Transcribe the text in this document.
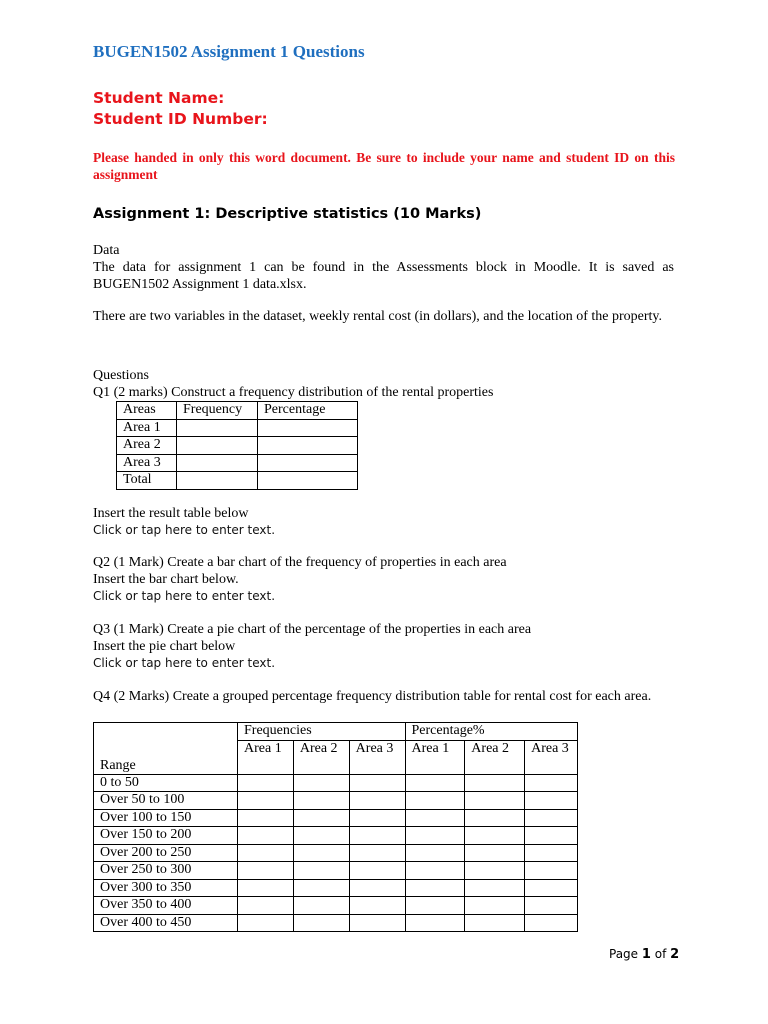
BUGEN1502 Assignment 1 Questions
Student Name:
Student ID Number:
Please handed in only this word document. Be sure to include your name and student ID on this assignment
Assignment 1: Descriptive statistics (10 Marks)

Data

The data for assignment 1 can be found in the Assessments block in Moodle. It is saved as BUGEN1502 Assignment 1 data.xlsx.

There are two variables in the dataset, weekly rental cost (in dollars), and the location of the property.

Questions

Q1 (2 marks) Construct a frequency distribution of the rental properties

Areas	Frequency	Percentage
Area 1		
Area 2		
Area 3		
Total		
Insert the result table below
Click or tap here to enter text.

Q2 (1 Mark) Create a bar chart of the frequency of properties in each area

Insert the bar chart below.

Click or tap here to enter text.

Q3 (1 Mark) Create a pie chart of the percentage of the properties in each area

Insert the pie chart below

Click or tap here to enter text.
Q4 (2 Marks) Create a grouped percentage frequency distribution table for rental cost for each area.
Range	Frequencies			Percentage%		
	Area 1	Area 2	Area 3	Area 1	Area 2	Area 3
0 to 50						
Over 50 to 100						
Over 100 to 150						
Over 150 to 200						
Over 200 to 250						
Over 250 to 300						
Over 300 to 350						
Over 350 to 400						
Over 400 to 450						
Page 1 of 2
